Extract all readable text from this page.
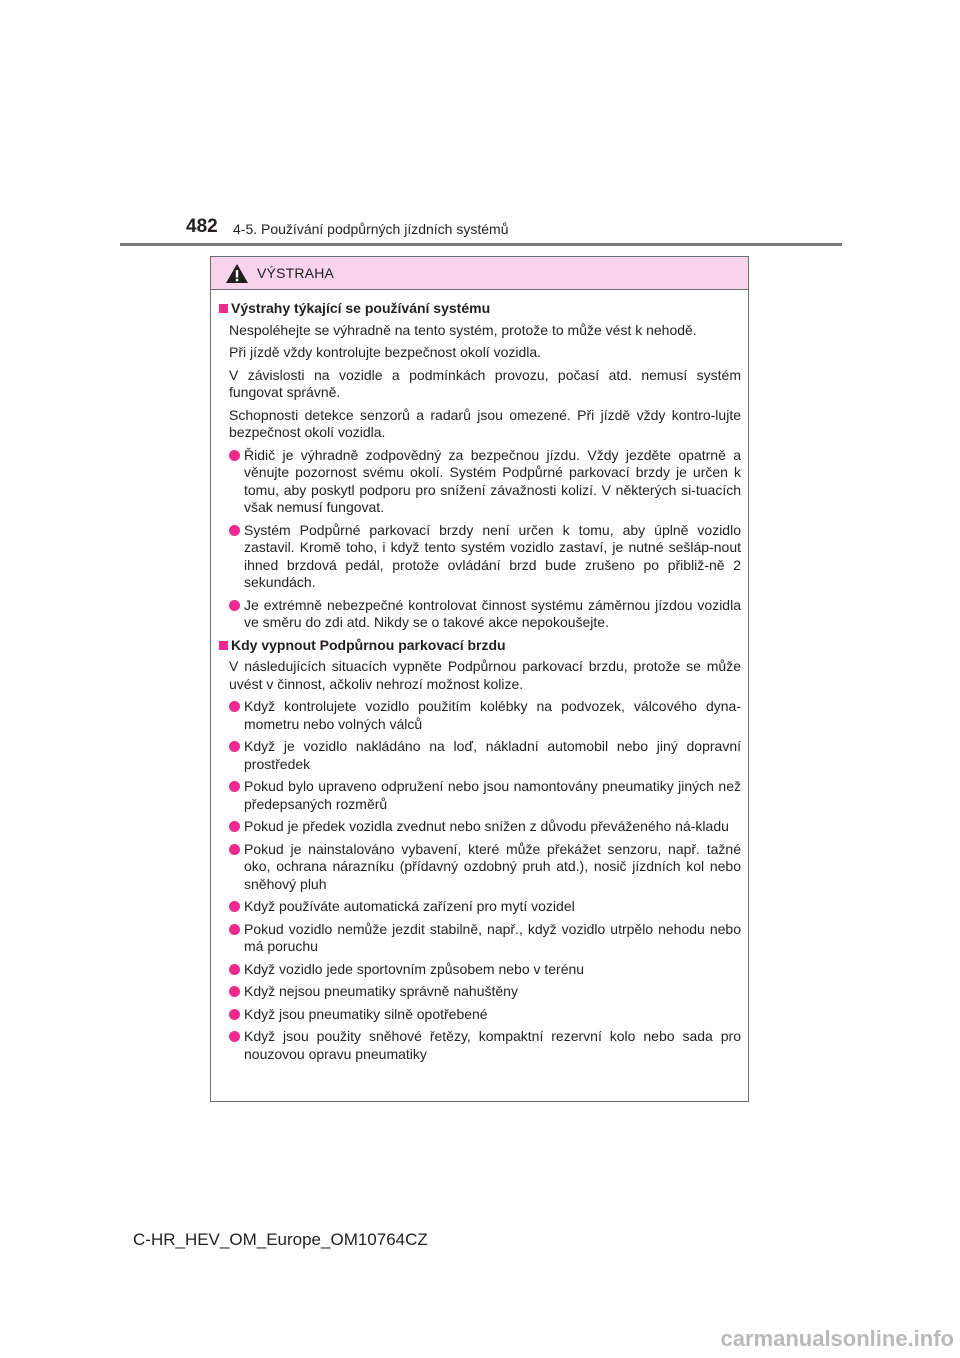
482 4-5. Používání podpůrných jízdních systémů
VÝSTRAHA
Výstrahy týkající se používání systému

Nespoléhejte se výhradně na tento systém, protože to může vést k nehodě.

Při jízdě vždy kontrolujte bezpečnost okolí vozidla.

V závislosti na vozidle a podmínkách provozu, počasí atd. nemusí systém fungovat správně.

Schopnosti detekce senzorů a radarů jsou omezené. Při jízdě vždy kontro-lujte bezpečnost okolí vozidla.

Řidič je výhradně zodpovědný za bezpečnou jízdu. Vždy jezděte opatrně a věnujte pozornost svému okolí. Systém Podpůrné parkovací brzdy je určen k tomu, aby poskytl podporu pro snížení závažnosti kolizí. V některých si-tuacích však nemusí fungovat.
Systém Podpůrné parkovací brzdy není určen k tomu, aby úplně vozidlo zastavil. Kromě toho, i když tento systém vozidlo zastaví, je nutné sešláp-nout ihned brzdová pedál, protože ovládání brzd bude zrušeno po přibliž-ně 2 sekundách.
Je extrémně nebezpečné kontrolovat činnost systému záměrnou jízdou vozidla ve směru do zdi atd. Nikdy se o takové akce nepokoušejte.
Kdy vypnout Podpůrnou parkovací brzdu

V následujících situacích vypněte Podpůrnou parkovací brzdu, protože se může uvést v činnost, ačkoliv nehrozí možnost kolize.

Když kontrolujete vozidlo použitím kolébky na podvozek, válcového dyna-mometru nebo volných válců
Když je vozidlo nakládáno na loď, nákladní automobil nebo jiný dopravní prostředek
Pokud bylo upraveno odpružení nebo jsou namontovány pneumatiky jiných než předepsaných rozměrů
Pokud je předek vozidla zvednut nebo snížen z důvodu převáženého ná-kladu
Pokud je nainstalováno vybavení, které může překážet senzoru, např. tažné oko, ochrana nárazníku (přídavný ozdobný pruh atd.), nosič jízdních kol nebo sněhový pluh
Když používáte automatická zařízení pro mytí vozidel
Pokud vozidlo nemůže jezdit stabilně, např., když vozidlo utrpělo nehodu nebo má poruchu
Když vozidlo jede sportovním způsobem nebo v terénu
Když nejsou pneumatiky správně nahuštěny
Když jsou pneumatiky silně opotřebené
Když jsou použity sněhové řetězy, kompaktní rezervní kolo nebo sada pro nouzovou opravu pneumatiky
C-HR_HEV_OM_Europe_OM10764CZ
carmanualsonline.info
